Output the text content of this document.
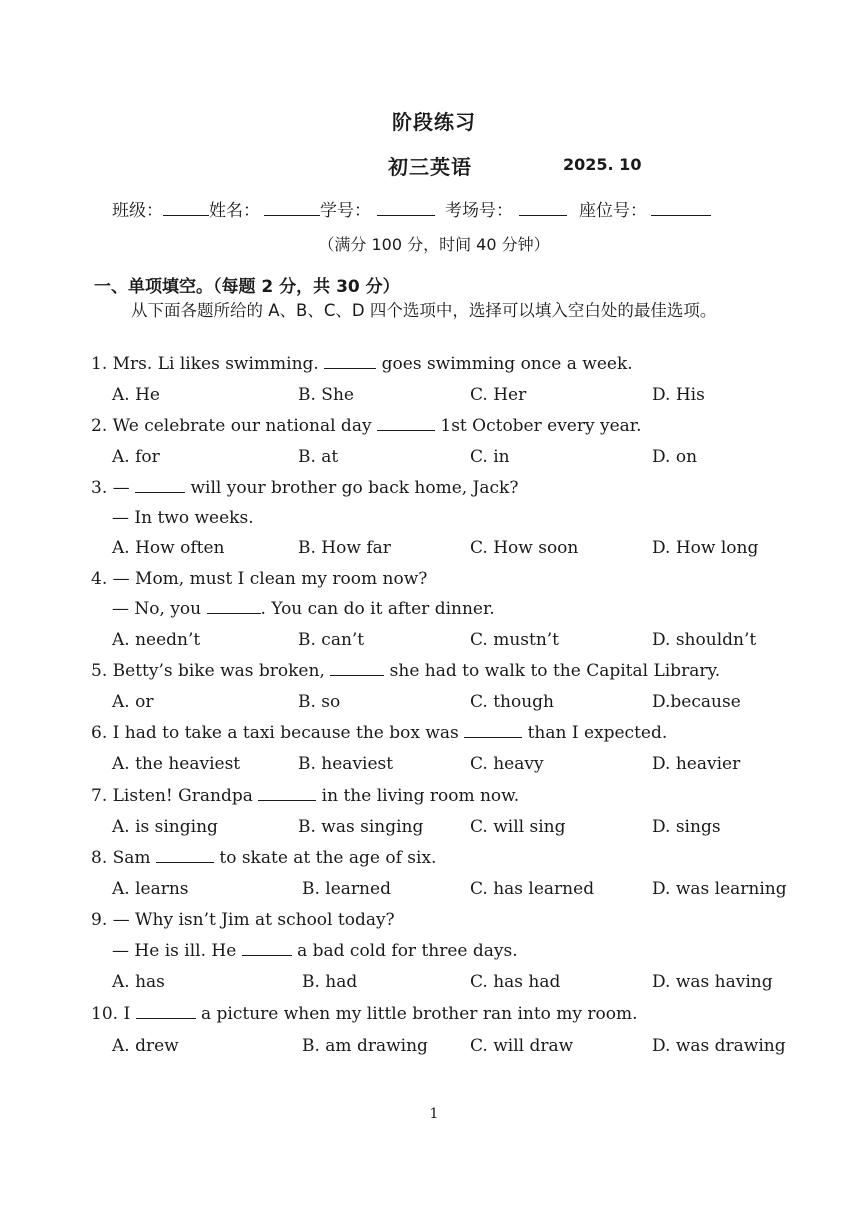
阶段练习
初三英语	2025. 10
班级：	姓名：	学号：	考场号：	座位号：
（满分 100 分，时间 40 分钟）
一、单项填空。（每题 2 分，共 30 分）
从下面各题所给的 A、B、C、D 四个选项中，选择可以填入空白处的最佳选项。
1. Mrs. Li likes swimming.	goes swimming once a week.
A. He	B. She	C. Her	D. His
2. We celebrate our national day	1st October every year.
A. for	B. at	C. in	D. on
3. —	will your brother go back home, Jack?
— In two weeks.
A. How often	B. How far	C. How soon	D. How long
4. — Mom, must I clean my room now?
— No, you	. You can do it after dinner.
A. needn’t	B. can’t	C. mustn’t	D. shouldn’t
5. Betty’s bike was broken,	she had to walk to the Capital Library.
A. or	B. so	C. though	D.because
6. I had to take a taxi because the box was	than I expected.
A. the heaviest	B. heaviest	C. heavy	D. heavier
7. Listen! Grandpa	in the living room now.
A. is singing	B. was singing	C. will sing	D. sings
8. Sam	to skate at the age of six.
A. learns	B. learned	C. has learned	D. was learning
9. — Why isn’t Jim at school today?
— He is ill. He	a bad cold for three days.
A. has	B. had	C. has had	D. was having
10. I	a picture when my little brother ran into my room.
A. drew	B. am drawing C. will draw	D. was drawing
1
